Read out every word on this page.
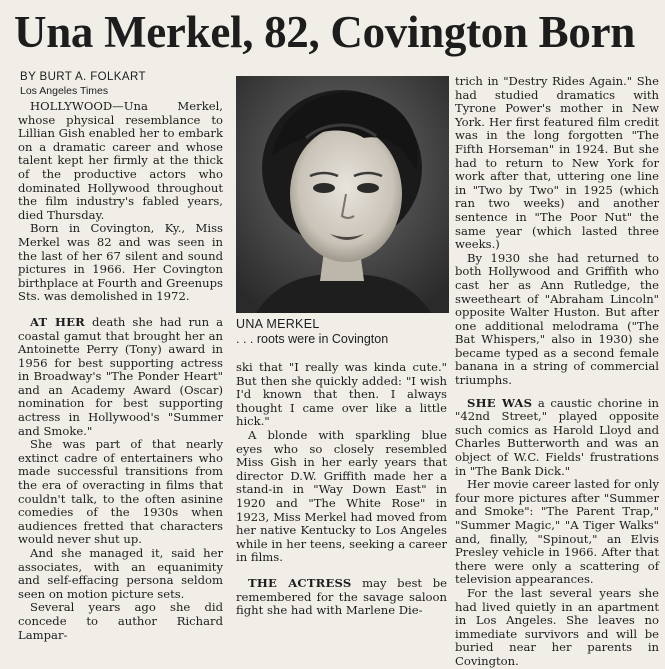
Una Merkel, 82, Covington Born
BY BURT A. FOLKART
Los Angeles Times

HOLLYWOOD—Una Merkel, whose physical resemblance to Lillian Gish enabled her to embark on a dramatic career and whose talent kept her firmly at the thick of the productive actors who dominated Hollywood throughout the film industry's fabled years, died Thursday.

Born in Covington, Ky., Miss Merkel was 82 and was seen in the last of her 67 silent and sound pictures in 1966. Her Covington birthplace at Fourth and Greenups Sts. was demolished in 1972.

AT HER death she had run a coastal gamut that brought her an Antoinette Perry (Tony) award in 1956 for best supporting actress in Broadway's "The Ponder Heart" and an Academy Award (Oscar) nomination for best supporting actress in Hollywood's "Summer and Smoke."

She was part of that nearly extinct cadre of entertainers who made successful transitions from the era of overacting in films that couldn't talk, to the often asinine comedies of the 1930s when audiences fretted that characters would never shut up.

And she managed it, said her associates, with an equanimity and self-effacing persona seldom seen on motion picture sets.

Several years ago she did concede to author Richard Lampar-

UNA MERKEL
. . . roots were in Covington

ski that "I really was kinda cute." But then she quickly added: "I wish I'd known that then. I always thought I came over like a little hick."

A blonde with sparkling blue eyes who so closely resembled Miss Gish in her early years that director D.W. Griffith made her a stand-in in "Way Down East" in 1920 and "The White Rose" in 1923, Miss Merkel had moved from her native Kentucky to Los Angeles while in her teens, seeking a career in films.

THE ACTRESS may best be remembered for the savage saloon fight she had with Marlene Die-

trich in "Destry Rides Again." She had studied dramatics with Tyrone Power's mother in New York. Her first featured film credit was in the long forgotten "The Fifth Horseman" in 1924. But she had to return to New York for work after that, uttering one line in "Two by Two" in 1925 (which ran two weeks) and another sentence in "The Poor Nut" the same year (which lasted three weeks.)

By 1930 she had returned to both Hollywood and Griffith who cast her as Ann Rutledge, the sweetheart of "Abraham Lincoln" opposite Walter Huston. But after one additional melodrama ("The Bat Whispers," also in 1930) she became typed as a second female banana in a string of commercial triumphs.

SHE WAS a caustic chorine in "42nd Street," played opposite such comics as Harold Lloyd and Charles Butterworth and was an object of W.C. Fields' frustrations in "The Bank Dick."

Her movie career lasted for only four more pictures after "Summer and Smoke": "The Parent Trap," "Summer Magic," "A Tiger Walks" and, finally, "Spinout," an Elvis Presley vehicle in 1966. After that there were only a scattering of television appearances.

For the last several years she had lived quietly in an apartment in Los Angeles. She leaves no immediate survivors and will be buried near her parents in Covington.
